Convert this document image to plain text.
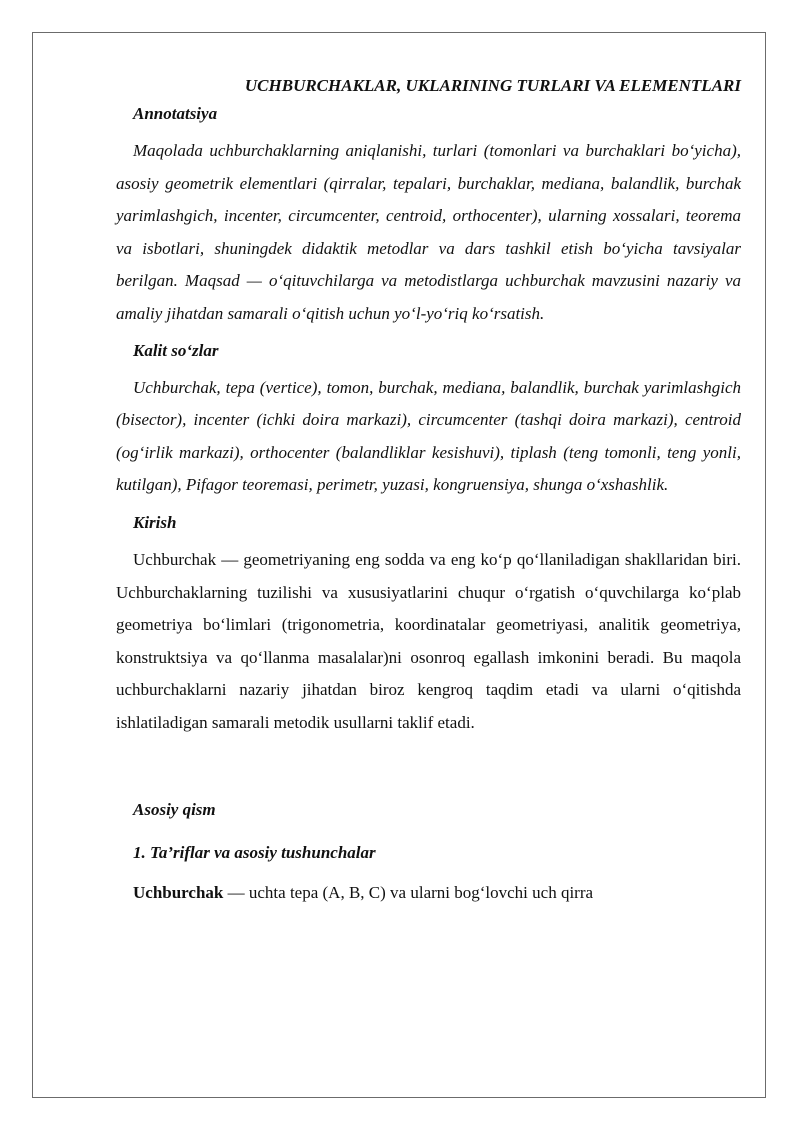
UCHBURCHAKLAR, UKLARINING TURLARI VA ELEMENTLARI
Annotatsiya

Maqolada uchburchaklarning aniqlanishi, turlari (tomonlari va burchaklari bo‘yicha), asosiy geometrik elementlari (qirralar, tepalari, burchaklar, mediana, balandlik, burchak yarimlashgich, incenter, circumcenter, centroid, orthocenter), ularning xossalari, teorema va isbotlari, shuningdek didaktik metodlar va dars tashkil etish bo‘yicha tavsiyalar berilgan. Maqsad — o‘qituvchilarga va metodistlarga uchburchak mavzusini nazariy va amaliy jihatdan samarali o‘qitish uchun yo‘l-yo‘riq ko‘rsatish.

Kalit so‘zlar

Uchburchak, tepa (vertice), tomon, burchak, mediana, balandlik, burchak yarimlashgich (bisector), incenter (ichki doira markazi), circumcenter (tashqi doira markazi), centroid (og‘irlik markazi), orthocenter (balandliklar kesishuvi), tiplash (teng tomonli, teng yonli, kutilgan), Pifagor teoremasi, perimetr, yuzasi, kongruensiya, shunga o‘xshashlik.

Kirish

Uchburchak — geometriyaning eng sodda va eng ko‘p qo‘llaniladigan shakllaridan biri. Uchburchaklarning tuzilishi va xususiyatlarini chuqur o‘rgatish o‘quvchilarga ko‘plab geometriya bo‘limlari (trigonometria, koordinatalar geometriyasi, analitik geometriya, konstruktsiya va qo‘llanma masalalar)ni osonroq egallash imkonini beradi. Bu maqola uchburchaklarni nazariy jihatdan biroz kengroq taqdim etadi va ularni o‘qitishda ishlatiladigan samarali metodik usullarni taklif etadi.

Asosiy qism
1. Ta’riflar va asosiy tushunchalar

Uchburchak — uchta tepa (A, B, C) va ularni bog‘lovchi uch qirra
